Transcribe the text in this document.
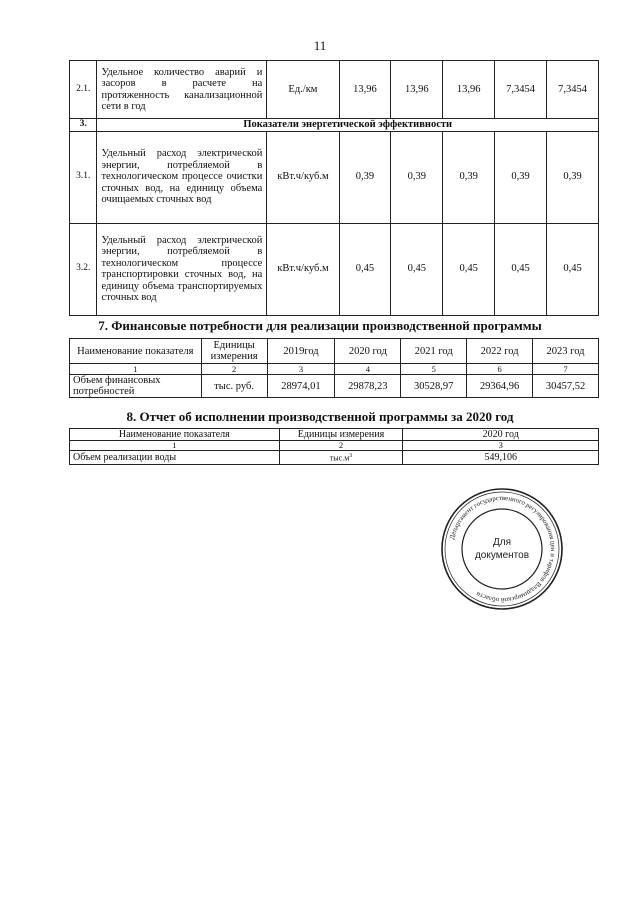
11
2.1.	Удельное количество аварий и засоров в расчете на протяженность канализационной сети в год	Ед./км	13,96	13,96	13,96	7,3454	7,3454
3.	Показатели энергетической эффективности						
3.1.	Удельный расход электрической энергии, потребляемой в технологическом процессе очистки сточных вод, на единицу объема очищаемых сточных вод	кВт.ч/куб.м	0,39	0,39	0,39	0,39	0,39
3.2.	Удельный расход электрической энергии, потребляемой в технологическом процессе транспортировки сточных вод, на единицу объема транспортируемых сточных вод	кВт.ч/куб.м	0,45	0,45	0,45	0,45	0,45
7. Финансовые потребности для реализации производственной программы
Наименование показателя	Единицы измерения	2019год	2020 год	2021 год	2022 год	2023 год
1	2	3	4	5	6	7
Объем финансовых потребностей	тыс. руб.	28974,01	29878,23	30528,97	29364,96	30457,52
8. Отчет об исполнении производственной программы за 2020 год
Наименование показателя	Единицы измерения	2020 год
1	2	3
Объем реализации воды	$тыс.м^3$	549,106
Департамент государственного регулирования цен и тарифов Владимирской области
Для
документов
